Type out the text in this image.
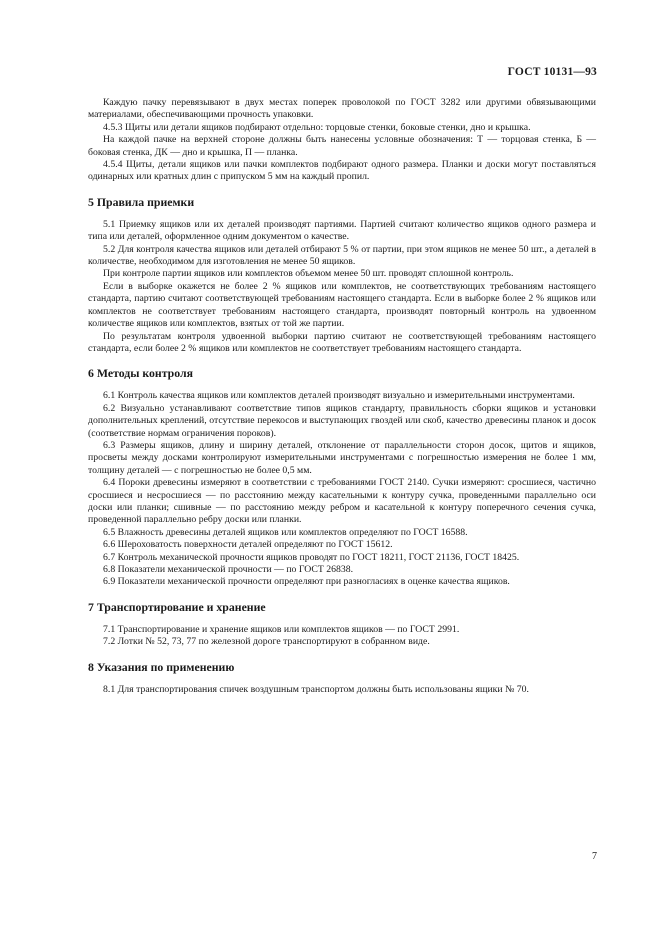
ГОСТ 10131—93

Каждую пачку перевязывают в двух местах поперек проволокой по ГОСТ 3282 или другими обвязывающими материалами, обеспечивающими прочность упаковки.

4.5.3 Щиты или детали ящиков подбирают отдельно: торцовые стенки, боковые стенки, дно и крышка.

На каждой пачке на верхней стороне должны быть нанесены условные обозначения: Т — торцовая стенка, Б — боковая стенка, ДК — дно и крышка, П — планка.

4.5.4 Щиты, детали ящиков или пачки комплектов подбирают одного размера. Планки и доски могут поставляться одинарных или кратных длин с припуском 5 мм на каждый пропил.

5 Правила приемки

5.1 Приемку ящиков или их деталей производят партиями. Партией считают количество ящиков одного размера и типа или деталей, оформленное одним документом о качестве.

5.2 Для контроля качества ящиков или деталей отбирают 5 % от партии, при этом ящиков не менее 50 шт., а деталей в количестве, необходимом для изготовления не менее 50 ящиков.

При контроле партии ящиков или комплектов объемом менее 50 шт. проводят сплошной контроль.

Если в выборке окажется не более 2 % ящиков или комплектов, не соответствующих требованиям настоящего стандарта, партию считают соответствующей требованиям настоящего стандарта. Если в выборке более 2 % ящиков или комплектов не соответствует требованиям настоящего стандарта, производят повторный контроль на удвоенном количестве ящиков или комплектов, взятых от той же партии.

По результатам контроля удвоенной выборки партию считают не соответствующей требованиям настоящего стандарта, если более 2 % ящиков или комплектов не соответствует требованиям настоящего стандарта.

6 Методы контроля

6.1 Контроль качества ящиков или комплектов деталей производят визуально и измерительными инструментами.

6.2 Визуально устанавливают соответствие типов ящиков стандарту, правильность сборки ящиков и установки дополнительных креплений, отсутствие перекосов и выступающих гвоздей или скоб, качество древесины планок и досок (соответствие нормам ограничения пороков).

6.3 Размеры ящиков, длину и ширину деталей, отклонение от параллельности сторон досок, щитов и ящиков, просветы между досками контролируют измерительными инструментами с погрешностью измерения не более 1 мм, толщину деталей — с погрешностью не более 0,5 мм.

6.4 Пороки древесины измеряют в соответствии с требованиями ГОСТ 2140. Сучки измеряют: сросшиеся, частично сросшиеся и несросшиеся — по расстоянию между касательными к контуру сучка, проведенными параллельно оси доски или планки; сшивные — по расстоянию между ребром и касательной к контуру поперечного сечения сучка, проведенной параллельно ребру доски или планки.

6.5 Влажность древесины деталей ящиков или комплектов определяют по ГОСТ 16588.

6.6 Шероховатость поверхности деталей определяют по ГОСТ 15612.

6.7 Контроль механической прочности ящиков проводят по ГОСТ 18211, ГОСТ 21136, ГОСТ 18425.

6.8 Показатели механической прочности — по ГОСТ 26838.

6.9 Показатели механической прочности определяют при разногласиях в оценке качества ящиков.

7 Транспортирование и хранение

7.1 Транспортирование и хранение ящиков или комплектов ящиков — по ГОСТ 2991.

7.2 Лотки № 52, 73, 77 по железной дороге транспортируют в собранном виде.

8 Указания по применению

8.1 Для транспортирования спичек воздушным транспортом должны быть использованы ящики № 70.

7
